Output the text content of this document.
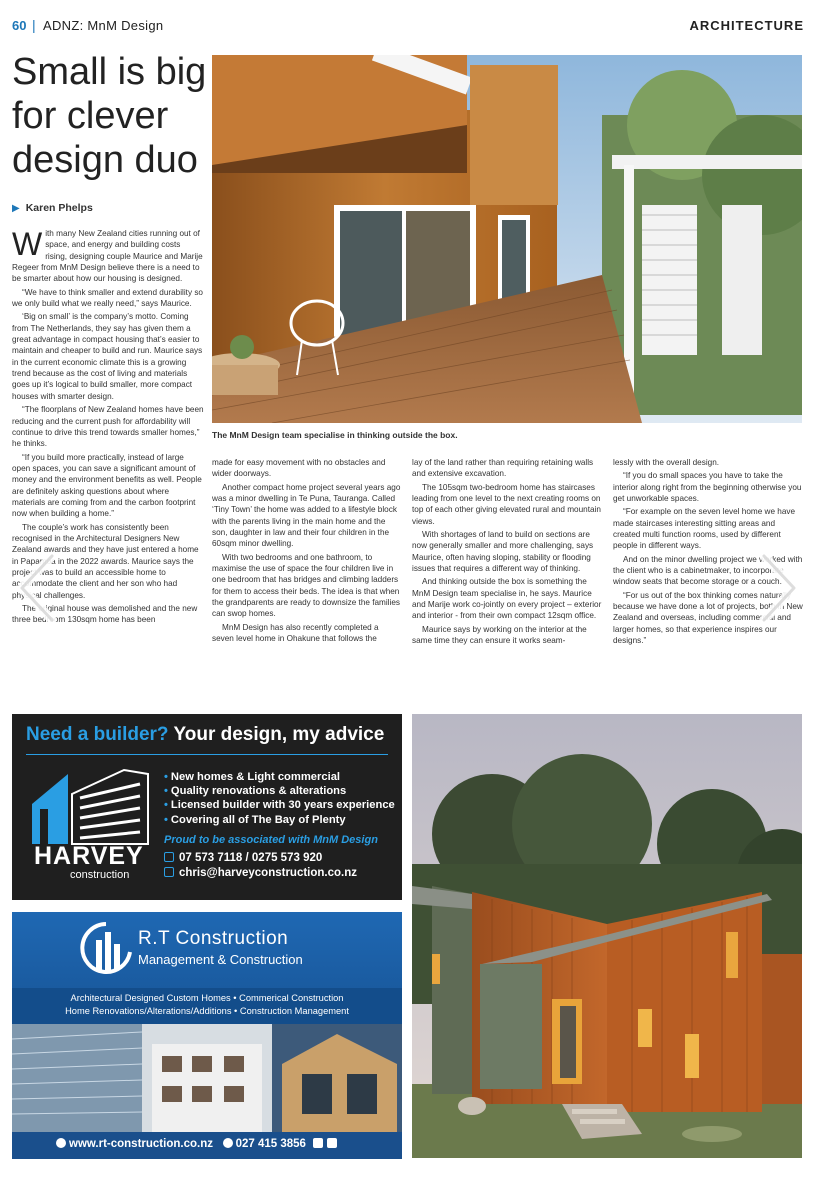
60 | ADNZ: MnM Design	ARCHITECTURE
Small is big for clever design duo
▶ Karen Phelps
The MnM Design team specialise in thinking outside the box.

With many New Zealand cities running out of space, and energy and building costs rising, designing couple Maurice and Marije Regeer from MnM Design believe there is a need to be smarter about how our housing is designed.

“We have to think smaller and extend durability so we only build what we really need,” says Maurice.

‘Big on small’ is the company’s motto. Coming from The Netherlands, they say has given them a great advantage in compact housing that’s easier to maintain and cheaper to build and run. Maurice says in the current economic climate this is a growing trend because as the cost of living and materials goes up it’s logical to build smaller, more compact houses with smarter design.

“The floorplans of New Zealand homes have been reducing and the current push for affordability will continue to drive this trend towards smaller homes,” he thinks.

“If you build more practically, instead of large open spaces, you can save a significant amount of money and the environment benefits as well. People are definitely asking questions about where materials are coming from and the carbon footprint now when building a home.”

The couple’s work has consistently been recognised in the Architectural Designers New Zealand awards and they have just entered a home in Papamoa in the 2022 awards. Maurice says the project was to build an accessible home to accommodate the client and her son who had physical challenges.

The original house was demolished and the new three bedroom 130sqm home has been

made for easy movement with no obstacles and wider doorways.

Another compact home project several years ago was a minor dwelling in Te Puna, Tauranga. Called ‘Tiny Town’ the home was added to a lifestyle block with the parents living in the main home and the son, daughter in law and their four children in the 60sqm minor dwelling.

With two bedrooms and one bathroom, to maximise the use of space the four children live in one bedroom that has bridges and climbing ladders for them to access their beds. The idea is that when the grandparents are ready to downsize the families can swop homes.

MnM Design has also recently completed a seven level home in Ohakune that follows the

lay of the land rather than requiring retaining walls and extensive excavation.

The 105sqm two-bedroom home has staircases leading from one level to the next creating rooms on top of each other giving elevated rural and mountain views.

With shortages of land to build on sections are now generally smaller and more challenging, says Maurice, often having sloping, stability or flooding issues that requires a different way of thinking.

And thinking outside the box is something the MnM Design team specialise in, he says. Maurice and Marije work co-jointly on every project – exterior and interior - from their own compact 12sqm office.

Maurice says by working on the interior at the same time they can ensure it works seam-

lessly with the overall design.

“If you do small spaces you have to take the interior along right from the beginning otherwise you get unworkable spaces.

“For example on the seven level home we have made staircases interesting sitting areas and created multi function rooms, used by different people in different ways.

And on the minor dwelling project we worked with the client who is a cabinetmaker, to incorporate window seats that become storage or a couch.

“For us out of the box thinking comes naturally because we have done a lot of projects, both in New Zealand and overseas, including commercial and larger homes, so that experience inspires our designs.”

Need a builder? Your design, my advice
HARVEY
construction
• New homes & Light commercial
• Quality renovations & alterations
• Licensed builder with 30 years experience
• Covering all of The Bay of Plenty
Proud to be associated with MnM Design
07 573 7118 / 0275 573 920
chris@harveyconstruction.co.nz
R.T Construction
Management & Construction
Architectural Designed Custom Homes • Commerical Construction
Home Renovations/Alterations/Additions • Construction Management
www.rt-construction.co.nz 027 415 3856
